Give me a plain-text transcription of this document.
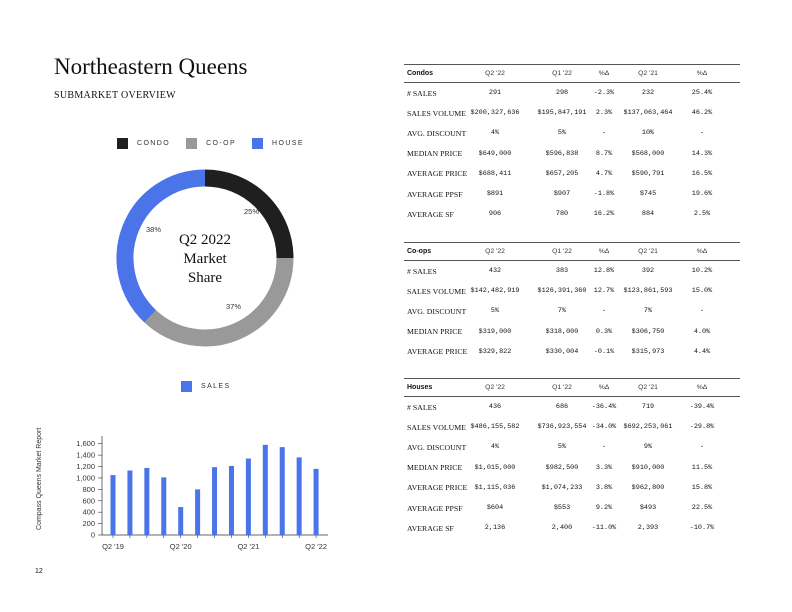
Northeastern Queens
SUBMARKET OVERVIEW
CONDO	CO-OP	HOUSE
Q2 2022
Market
Share
25%
37%
38%
SALES
0
200
400
600
800
1,000
1,200
1,400
1,600
Q2 '19	Q2 '20	Q2 '21	Q2 '22
Compass Queens Market Report
12
Condos	Q2 '22	Q1 '22	%Δ	Q2 '21	%Δ
# SALES	291	298	-2.3%	232	25.4%
SALES VOLUME $200,327,636	$195,847,191	2.3%	$137,063,464	46.2%
AVG. DISCOUNT	4%	5%	-	10%	-
MEDIAN PRICE	$649,000	$596,838	8.7%	$568,000	14.3%
AVERAGE PRICE	$688,411	$657,205	4.7%	$590,791	16.5%
AVERAGE PPSF	$891	$907	-1.8%	$745	19.6%
AVERAGE SF	906	780	16.2%	884	2.5%
Co-ops	Q2 '22	Q1 '22	%Δ	Q2 '21	%Δ
# SALES	432	383	12.8%	392	10.2%
SALES VOLUME $142,482,919	$126,391,360	12.7%	$123,861,593	15.0%
AVG. DISCOUNT	5%	7%	-	7%	-
MEDIAN PRICE	$319,000	$318,000	0.3%	$306,750	4.0%
AVERAGE PRICE	$329,822	$330,004	-0.1%	$315,973	4.4%
Houses	Q2 '22	Q1 '22	%Δ	Q2 '21	%Δ
# SALES	436	686	-36.4%	719	-39.4%
SALES VOLUME $486,155,582	$736,923,554 -34.0%	$692,253,061	-29.8%
AVG. DISCOUNT	4%	5%	-	9%	-
MEDIAN PRICE	$1,015,000	$982,500	3.3%	$910,000	11.5%
AVERAGE PRICE	$1,115,036	$1,074,233	3.8%	$962,800	15.8%
AVERAGE PPSF	$604	$553	9.2%	$493	22.5%
AVERAGE SF	2,136	2,400	-11.0%	2,393	-10.7%
